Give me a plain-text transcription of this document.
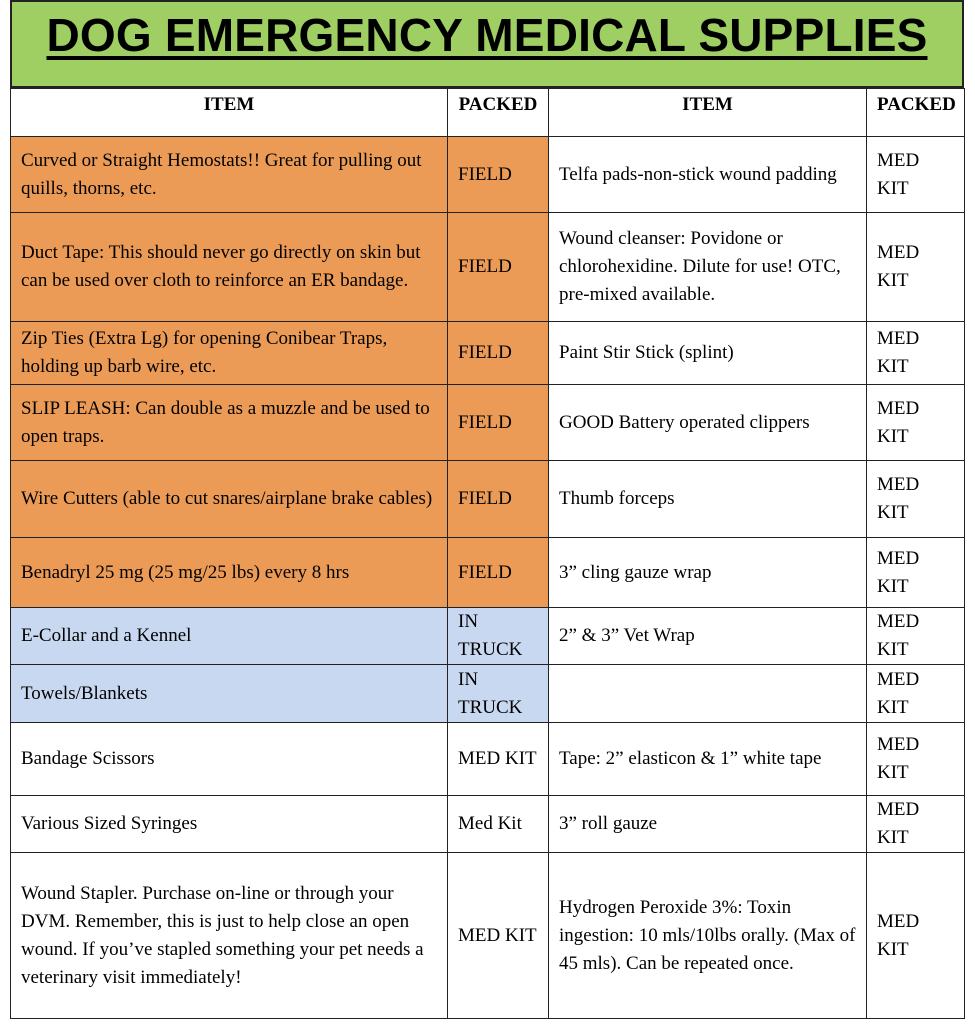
DOG EMERGENCY MEDICAL SUPPLIES
ITEM	PACKED	ITEM	PACKED
Curved or Straight Hemostats!! Great for pulling out quills, thorns, etc.	FIELD	Telfa pads-non-stick wound padding	MED KIT
Duct Tape: This should never go directly on skin but can be used over cloth to reinforce an ER bandage.	FIELD	Wound cleanser: Povidone or chlorohexidine. Dilute for use! OTC, pre-mixed available.	MED KIT
Zip Ties (Extra Lg) for opening Conibear Traps, holding up barb wire, etc.	FIELD	Paint Stir Stick (splint)	MED KIT
SLIP LEASH: Can double as a muzzle and be used to open traps.	FIELD	GOOD Battery operated clippers	MED KIT
Wire Cutters (able to cut snares/airplane brake cables)	FIELD	Thumb forceps	MED KIT
Benadryl 25 mg (25 mg/25 lbs) every 8 hrs	FIELD	3” cling gauze wrap	MED KIT
E-Collar and a Kennel	IN TRUCK	2” & 3” Vet Wrap	MED KIT
Towels/Blankets	IN TRUCK		MED KIT
Bandage Scissors	MED KIT	Tape: 2” elasticon & 1” white tape	MED KIT
Various Sized Syringes	Med Kit	3” roll gauze	MED KIT
Wound Stapler. Purchase on-line or through your DVM. Remember, this is just to help close an open wound. If you’ve stapled something your pet needs a veterinary visit immediately!	MED KIT	Hydrogen Peroxide 3%: Toxin ingestion: 10 mls/10lbs orally. (Max of 45 mls). Can be repeated once.	MED KIT
